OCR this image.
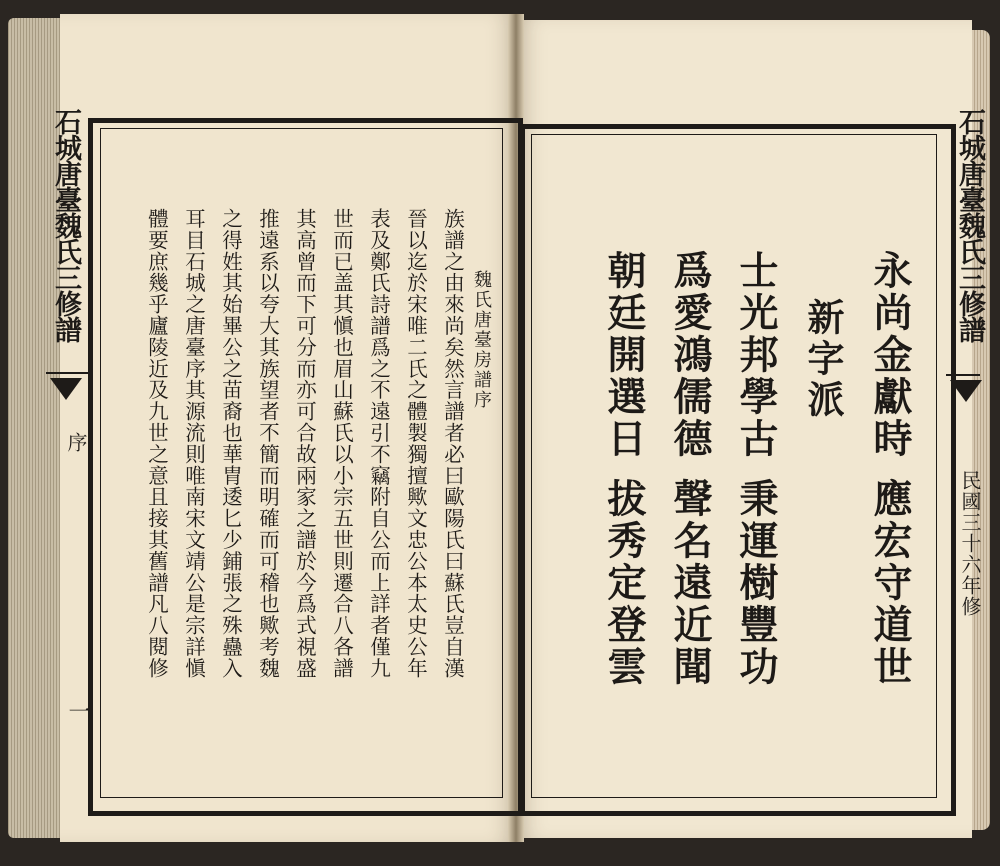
石城唐臺魏氏三修譜
序
一
魏氏唐臺房譜序
族譜之由來尚矣然言譜者必曰歐陽氏曰蘇氏豈自漢
晉以迄於宋唯二氏之體製獨擅歟文忠公本太史公年
表及鄭氏詩譜爲之不遠引不竊附自公而上詳者僅九
世而已盖其愼也眉山蘇氏以小宗五世則遷合八各譜
其高曾而下可分而亦可合故兩家之譜於今爲式視盛
推遠系以夸大其族望者不簡而明確而可稽也歟考魏
之得姓其始畢公之苗裔也華胄逶匕少鋪張之殊蠱入
耳目石城之唐臺序其源流則唯南宋文靖公是宗詳愼
體要庶幾乎廬陵近及九世之意且接其舊譜凡八閱修	石城唐臺魏氏三修譜
民國三十六年修
永尚金獻時
應宏守道世
新字派
士光邦學古
秉運樹豐功
爲愛鴻儒德
聲名遠近聞
朝廷開選日
拔秀定登雲
